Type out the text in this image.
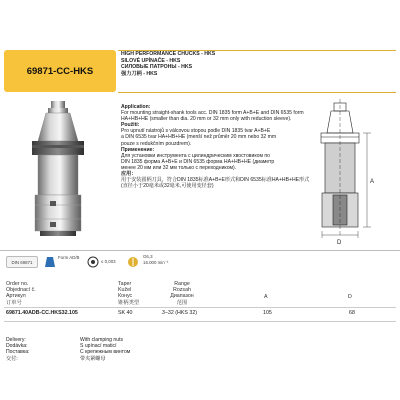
69871-CC-HKS
HIGH PERFORMANCE CHUCKS - HKS
SILOVÉ UPÍNAČE - HKS
СИЛОВЫЕ ПАТРОНЫ - HKS
强力刀柄 - HKS
Application:
For mounting straight-shank tools acc. DIN 1835 form A+B+E and DIN 6535 form
HA+HB+HE (smaller than dia. 20 mm or 32 mm only with reduction sleeve).
Použití:
Pro upnutí nástrojů s válcovou stopou podle DIN 1835 tvar A+B+E
a DIN 6535 tvar HA+HB+HE (menší než průměr 20 mm nebo 32 mm
pouze s redukčním pouzdrem).
Применение:
Для установки инструмента с цилиндрическим хвостовиком по
DIN 1835 форма A+B+E и DIN 6535 форма HA+HB+HE (диаметр
менее 20 мм или 32 мм только с переходником).
应用：
用于安装圆柄刀具，符合DIN 1835标准A+B+E形式和DIN 6535标准HA+HB+HE形式
(直径小于20毫米或32毫米,可使用变径套)
A
D
DIN 69871
Form AD/B
≤ 0,003
G6,3
15.000 min⁻¹
Order no.
Objednací č.
Артикул
订单号
Taper
Kužel
Конус
锥柄类型
Range
Rozsah
Диапазон
范围
A	D
69871.40ADB-CC.HKS32.105	SK 40	3–32 (HKS 32)	105	68
Delivery:
Dodávka:
Поставка:
交付:
With clamping nuts
S upínací maticí
С крепежным винтом
带夹紧螺母
